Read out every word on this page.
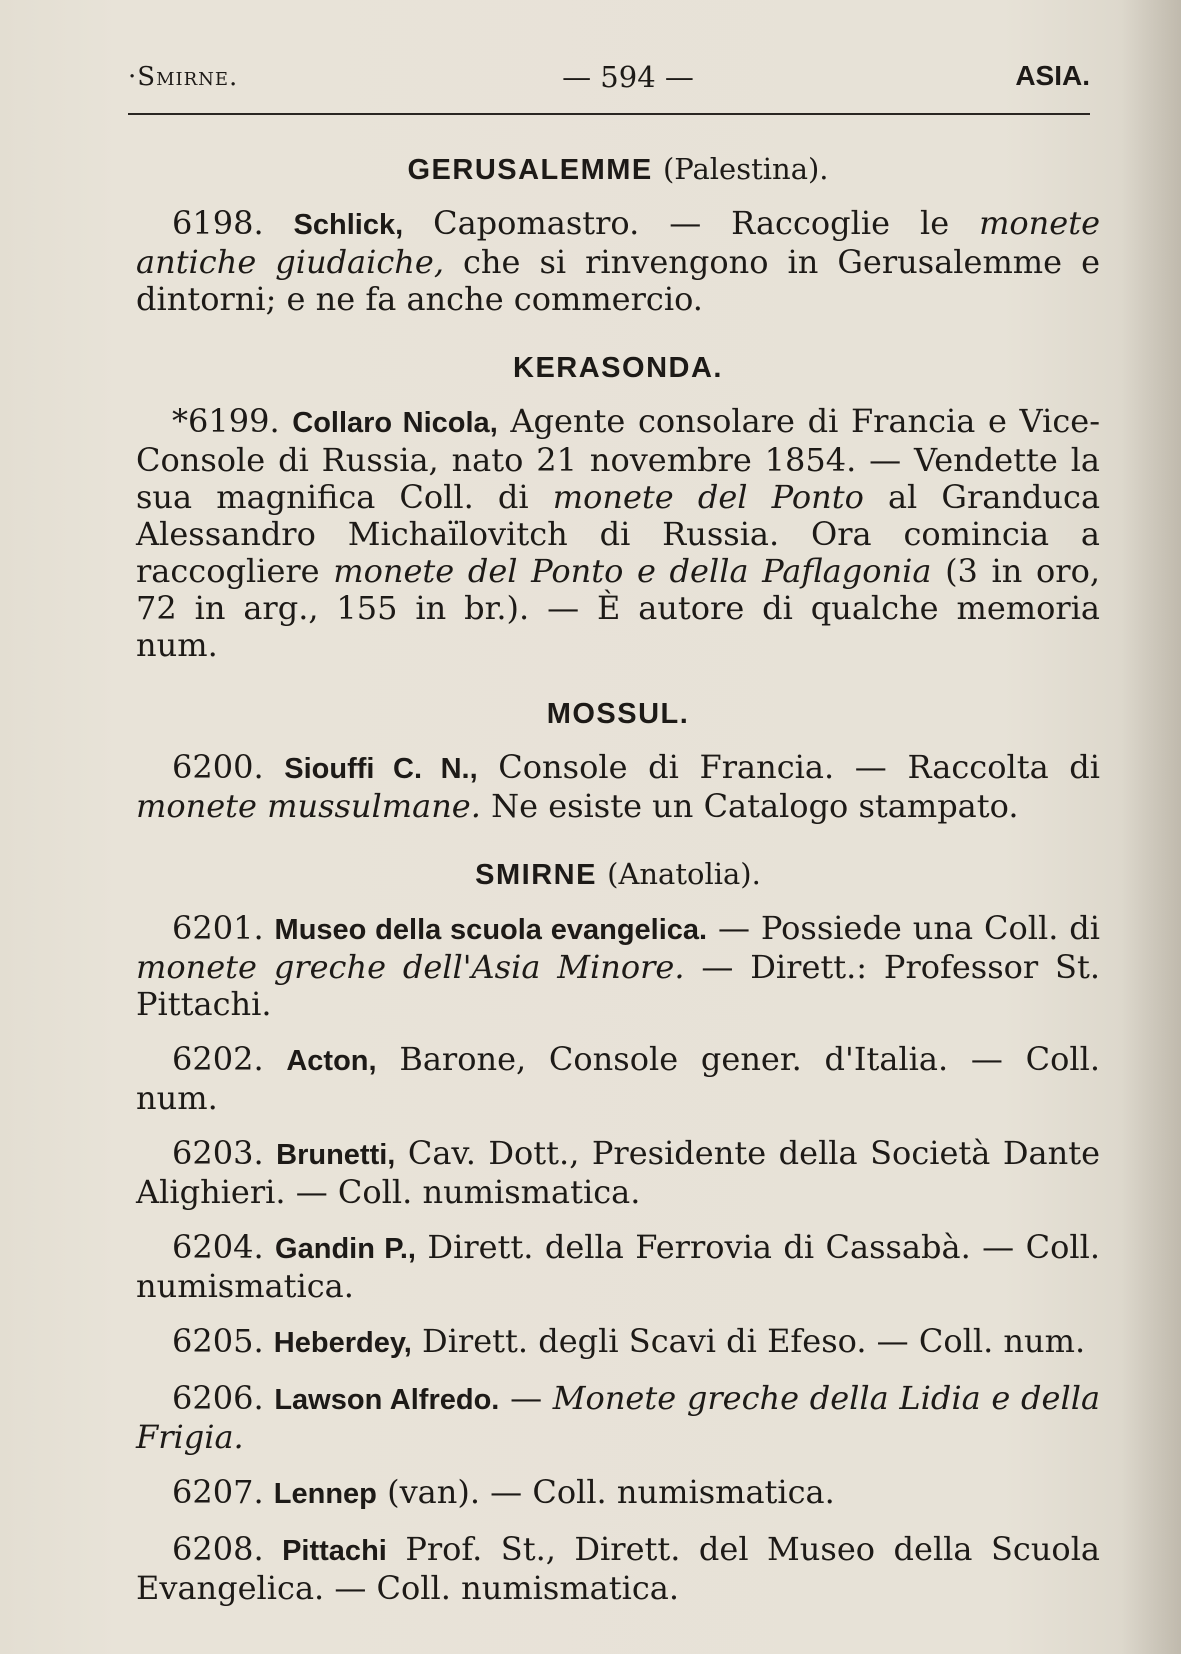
·Smirne.	— 594 —	ASIA.

GERUSALEMME (Palestina).

6198. Schlick, Capomastro. — Raccoglie le monete antiche giudaiche, che si rinvengono in Gerusalemme e dintorni; e ne fa anche commercio.

KERASONDA.

*6199. Collaro Nicola, Agente consolare di Francia e Vice-Console di Russia, nato 21 novembre 1854. — Vendette la sua magnifica Coll. di monete del Ponto al Granduca Alessandro Michaïlovitch di Russia. Ora comincia a raccogliere monete del Ponto e della Paflagonia (3 in oro, 72 in arg., 155 in br.). — È autore di qualche memoria num.

MOSSUL.

6200. Siouffi C. N., Console di Francia. — Raccolta di monete mussulmane. Ne esiste un Catalogo stampato.

SMIRNE (Anatolia).

6201. Museo della scuola evangelica. — Possiede una Coll. di monete greche dell'Asia Minore. — Dirett.: Professor St. Pittachi.

6202. Acton, Barone, Console gener. d'Italia. — Coll. num.

6203. Brunetti, Cav. Dott., Presidente della Società Dante Alighieri. — Coll. numismatica.

6204. Gandin P., Dirett. della Ferrovia di Cassabà. — Coll. numismatica.

6205. Heberdey, Dirett. degli Scavi di Efeso. — Coll. num.

6206. Lawson Alfredo. — Monete greche della Lidia e della Frigia.

6207. Lennep (van). — Coll. numismatica.

6208. Pittachi Prof. St., Dirett. del Museo della Scuola Evangelica. — Coll. numismatica.
